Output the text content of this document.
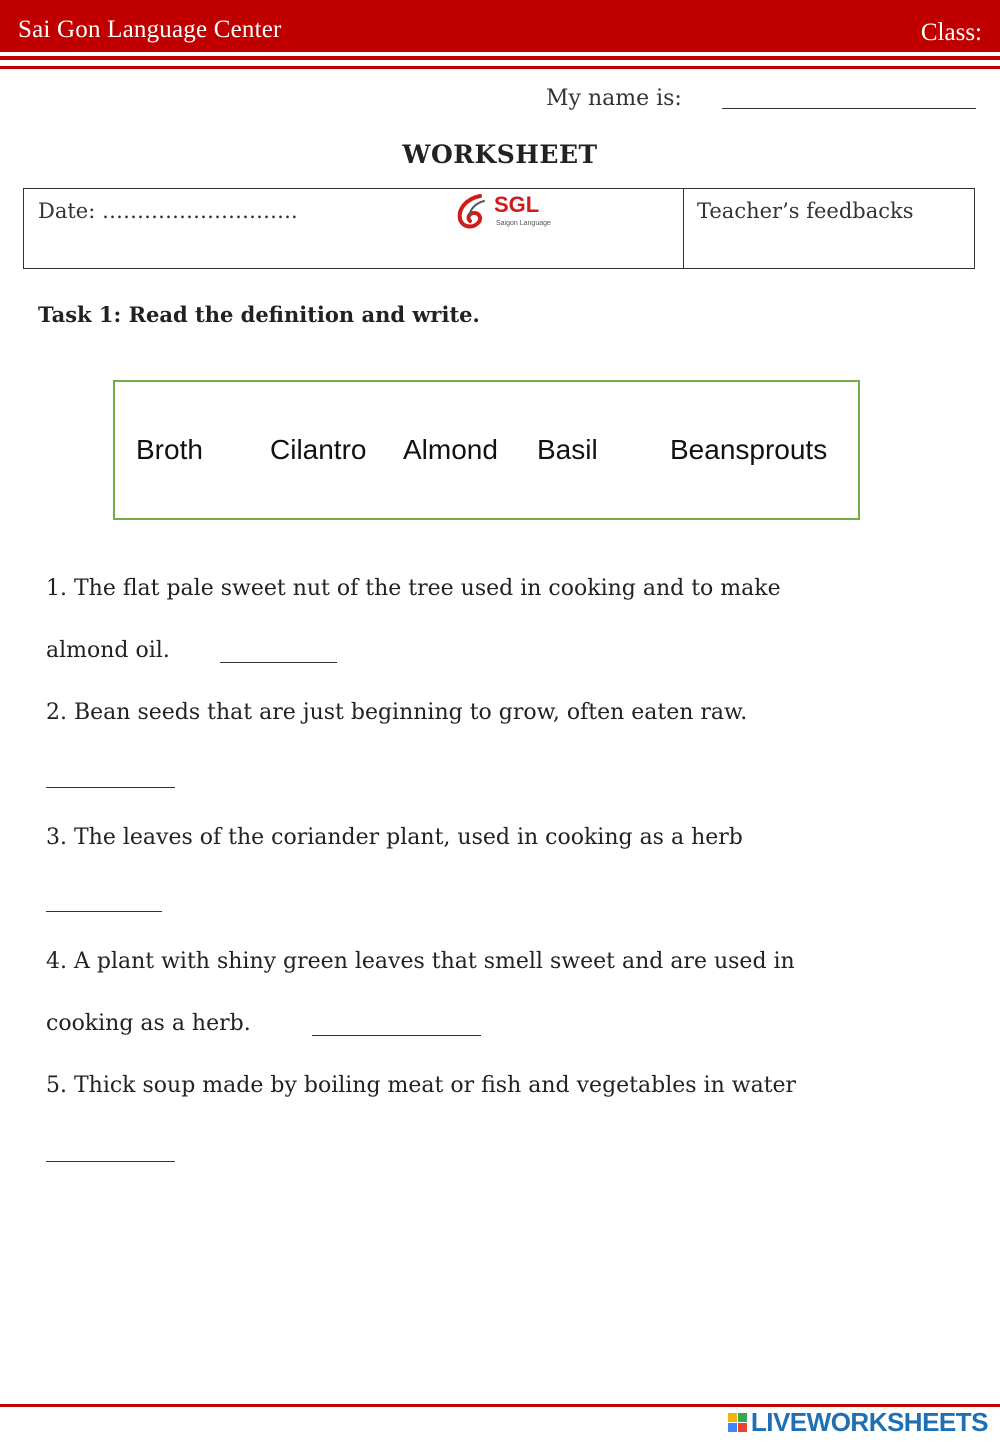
Sai Gon Language Center	Class:
My name is:
WORKSHEET
Date: ……………………….	SGL
Saigon Language
Teacher’s feedbacks
Task 1: Read the definition and write.
Broth Cilantro Almond Basil	Beansprouts
1. The flat pale sweet nut of the tree used in cooking and to make
almond oil.
2. Bean seeds that are just beginning to grow, often eaten raw.
3. The leaves of the coriander plant, used in cooking as a herb
4. A plant with shiny green leaves that smell sweet and are used in
cooking as a herb.
5. Thick soup made by boiling meat or fish and vegetables in water
LIVEWORKSHEETS
